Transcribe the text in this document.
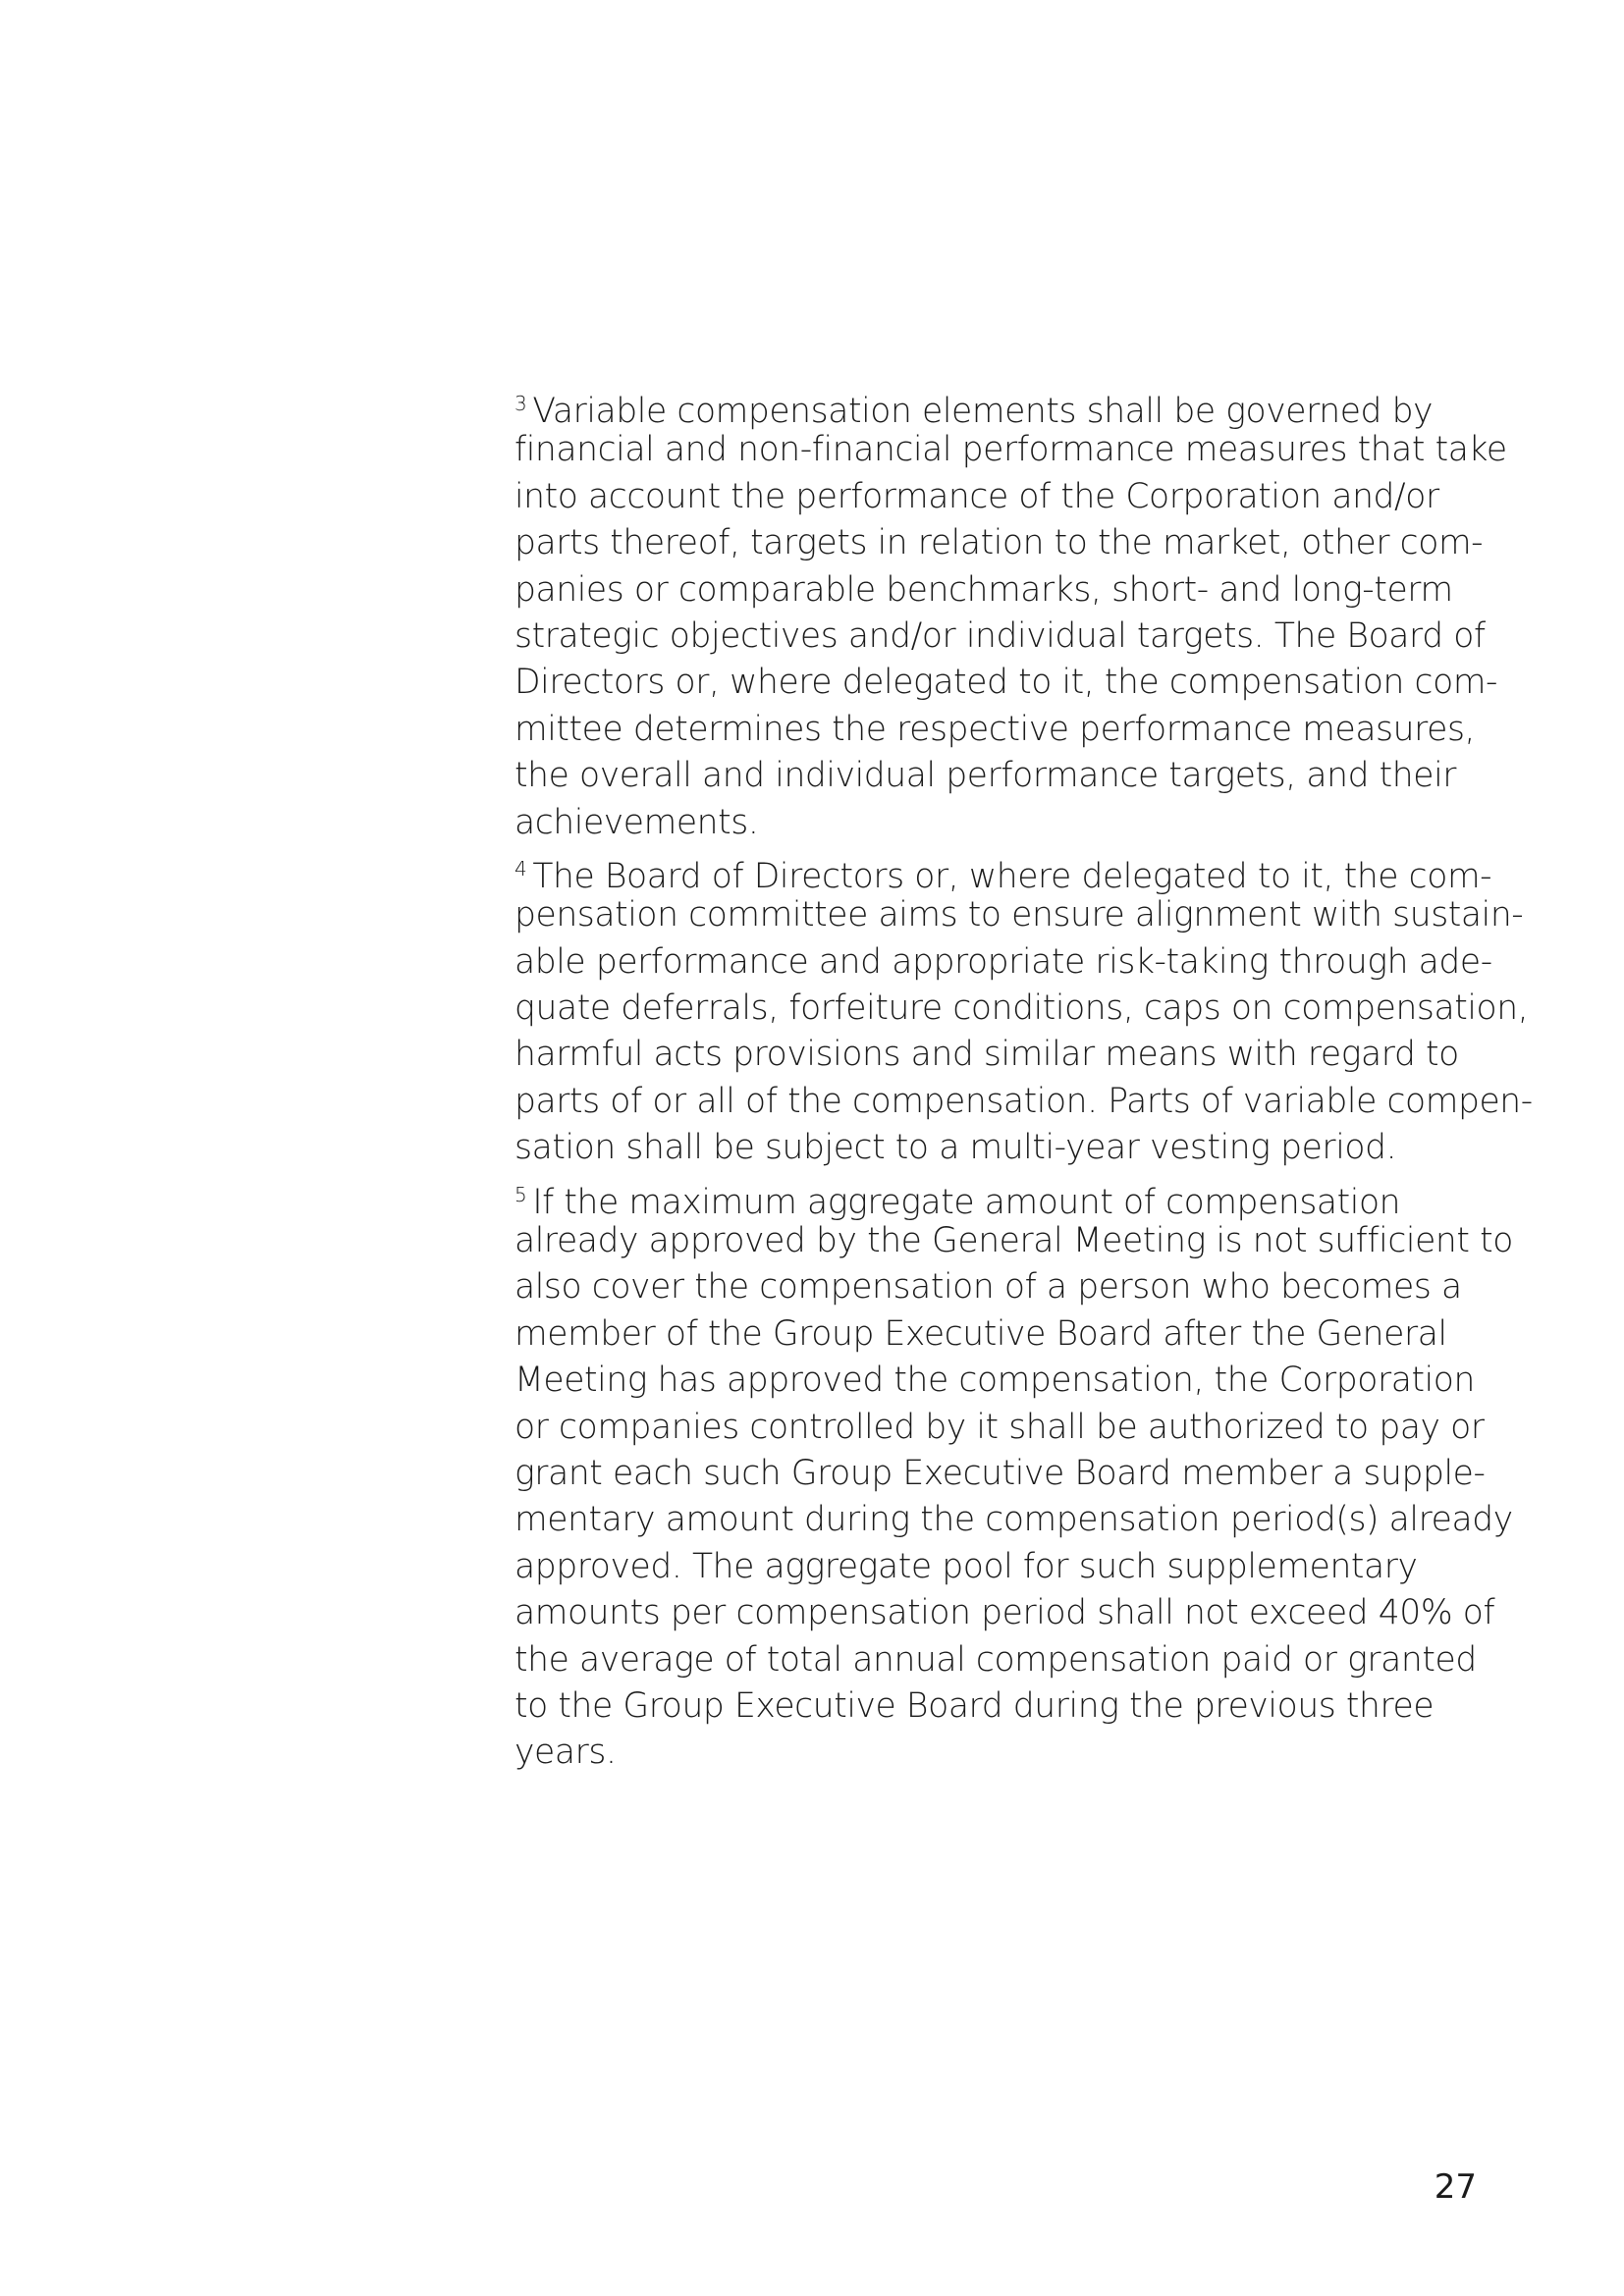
$^3$ Variable compensation elements shall be governed by
financial and non-financial performance measures that take
into account the performance of the Corporation and/or
parts thereof, targets in relation to the market, other com-
panies or comparable benchmarks, short- and long-term
strategic objectives and/or individual targets. The Board of
Directors or, where delegated to it, the compensation com-
mittee determines the respective performance measures,
the overall and individual performance targets, and their
achievements.
$^4$ The Board of Directors or, where delegated to it, the com-
pensation committee aims to ensure alignment with sustain-
able performance and appropriate risk-taking through ade-
quate deferrals, forfeiture conditions, caps on compensation,
harmful acts provisions and similar means with regard to
parts of or all of the compensation. Parts of variable compen-
sation shall be subject to a multi-year vesting period.
$^5$ If the maximum aggregate amount of compensation
already approved by the General Meeting is not sufficient to
also cover the compensation of a person who becomes a
member of the Group Executive Board after the General
Meeting has approved the compensation, the Corporation
or companies controlled by it shall be authorized to pay or
grant each such Group Executive Board member a supple-
mentary amount during the compensation period(s) already
approved. The aggregate pool for such supplementary
amounts per compensation period shall not exceed 40% of
the average of total annual compensation paid or granted
to the Group Executive Board during the previous three
years.
27
